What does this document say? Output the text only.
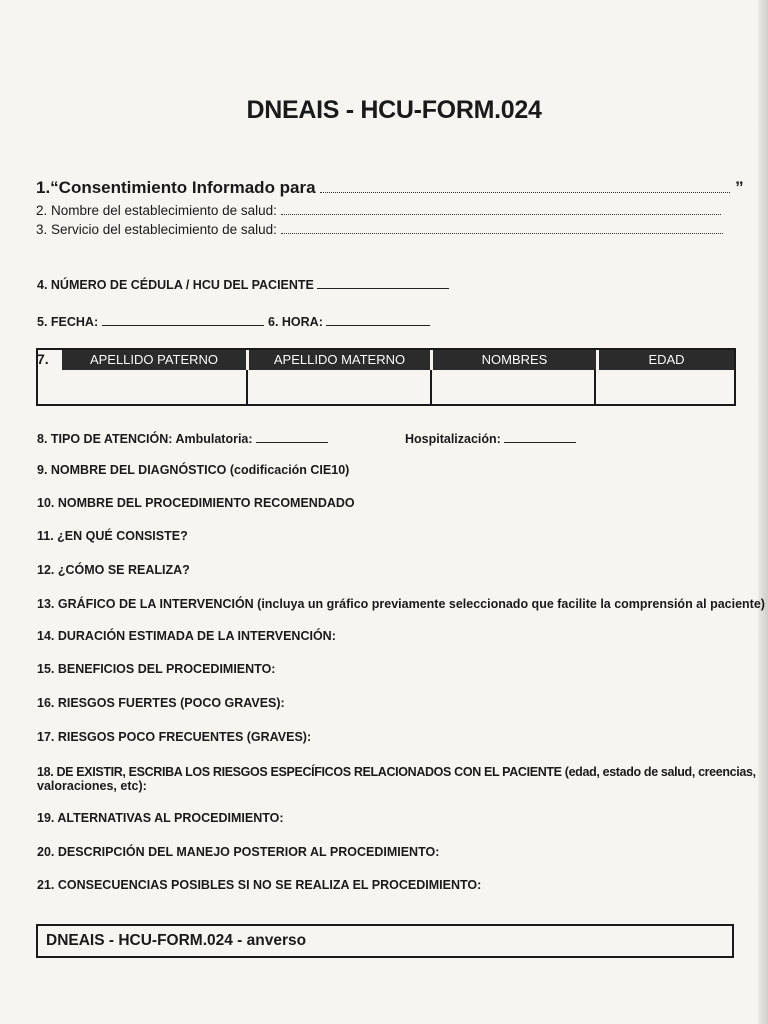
DNEAIS - HCU-FORM.024
1.“Consentimiento Informado para	”
2. Nombre del establecimiento de salud:
3. Servicio del establecimiento de salud:
4. NÚMERO DE CÉDULA / HCU DEL PACIENTE
5. FECHA:	6. HORA:
APELLIDO PATERNO	APELLIDO MATERNO	NOMBRES	EDAD
7.
8. TIPO DE ATENCIÓN: Ambulatoria:	Hospitalización:
9. NOMBRE DEL DIAGNÓSTICO (codificación CIE10)
10. NOMBRE DEL PROCEDIMIENTO RECOMENDADO
11. ¿EN QUÉ CONSISTE?
12. ¿CÓMO SE REALIZA?
13. GRÁFICO DE LA INTERVENCIÓN (incluya un gráfico previamente seleccionado que facilite la comprensión al paciente)
14. DURACIÓN ESTIMADA DE LA INTERVENCIÓN:
15. BENEFICIOS DEL PROCEDIMIENTO:
16. RIESGOS FUERTES (POCO GRAVES):
17. RIESGOS POCO FRECUENTES (GRAVES):
18. DE EXISTIR, ESCRIBA LOS RIESGOS ESPECÍFICOS RELACIONADOS CON EL PACIENTE (edad, estado de salud, creencias,
valoraciones, etc):
19. ALTERNATIVAS AL PROCEDIMIENTO:
20. DESCRIPCIÓN DEL MANEJO POSTERIOR AL PROCEDIMIENTO:
21. CONSECUENCIAS POSIBLES SI NO SE REALIZA EL PROCEDIMIENTO:
DNEAIS - HCU-FORM.024 - anverso
